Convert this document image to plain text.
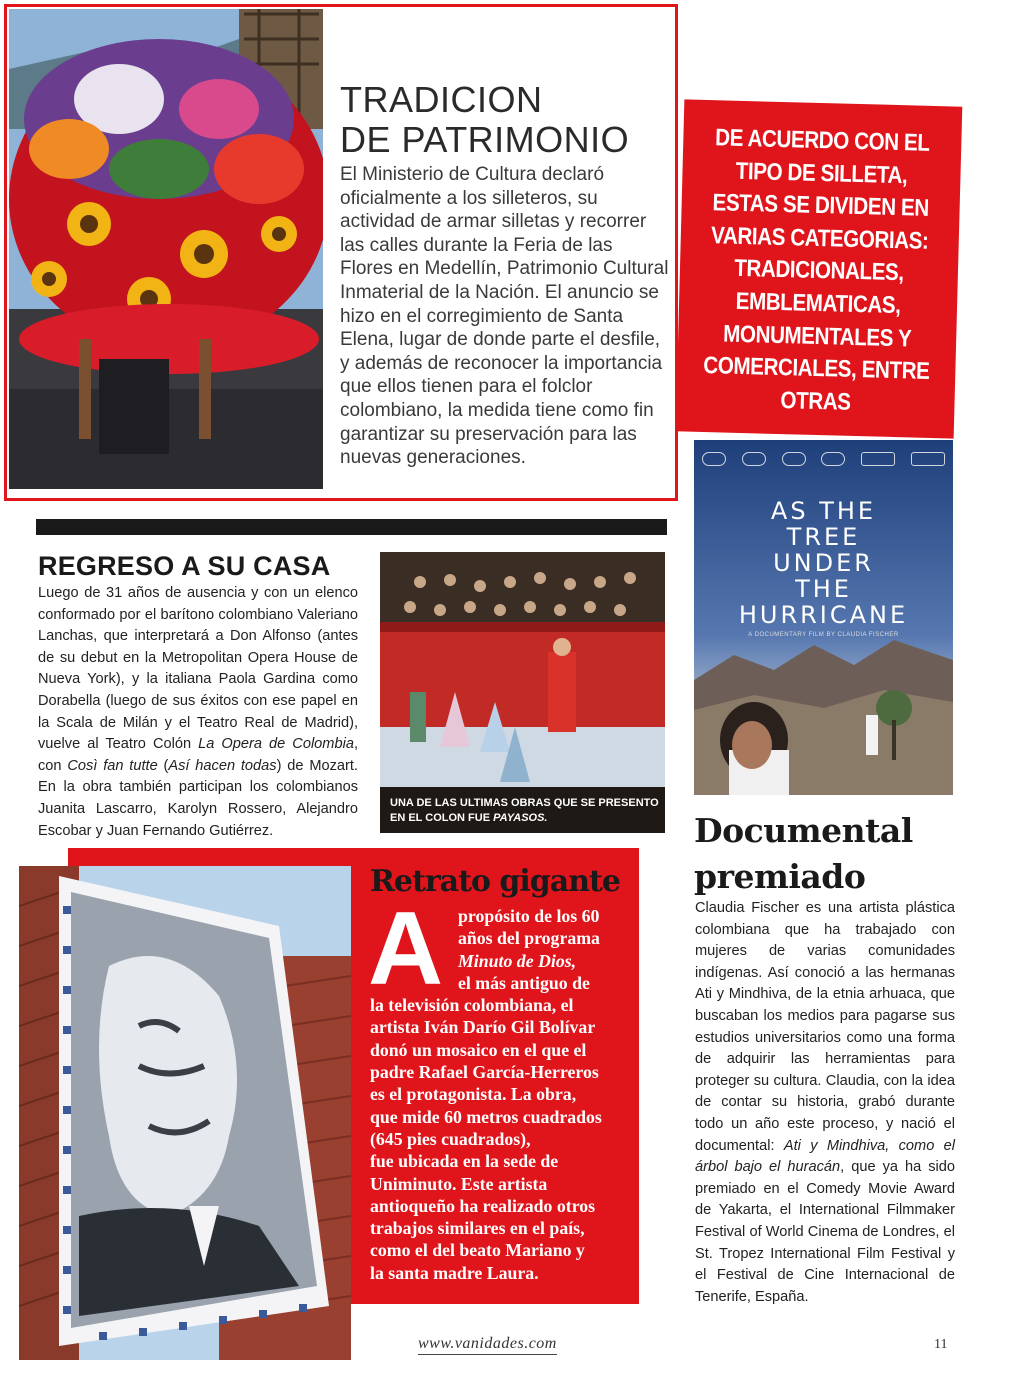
TRADICION
DE PATRIMONIO

El Ministerio de Cultura declaró oficialmente a los silleteros, su actividad de armar silletas y recorrer las calles durante la Feria de las Flores en Medellín, Patrimonio Cultural Inmaterial de la Nación. El anuncio se hizo en el corregimiento de Santa Elena, lugar de donde parte el desfile, y además de reconocer la importancia que ellos tienen para el folclor colombiano, la medida tiene como fin garantizar su preservación para las nuevas generaciones.

DE ACUERDO CON EL TIPO DE SILLETA, ESTAS SE DIVIDEN EN VARIAS CATEGORIAS: TRADICIONALES, EMBLEMATICAS, MONUMENTALES Y COMERCIALES, ENTRE OTRAS

AS THE
TREE
UNDER
THE
HURRICANE
A DOCUMENTARY FILM BY CLAUDIA FISCHER
REGRESO A SU CASA

Luego de 31 años de ausencia y con un elenco conformado por el barítono colombiano Valeriano Lanchas, que interpretará a Don Alfonso (antes de su debut en la Metropolitan Opera House de Nueva York), y la italiana Paola Gardina como Dorabella (luego de sus éxitos con ese papel en la Scala de Milán y el Teatro Real de Madrid), vuelve al Teatro Colón La Opera de Colombia, con Così fan tutte (Así hacen todas) de Mozart. En la obra también participan los colombianos Juanita Lascarro, Karolyn Rossero, Alejandro Escobar y Juan Fernando Gutiérrez.

UNA DE LAS ULTIMAS OBRAS QUE SE PRESENTO EN EL COLON FUE PAYASOS.

Retrato gigante
A propósito de los 60
años del programa
Minuto de Dios,
el más antiguo de
la televisión colombiana, el
artista Iván Darío Gil Bolívar
donó un mosaico en el que el
padre Rafael García-Herreros
es el protagonista. La obra,
que mide 60 metros cuadrados
(645 pies cuadrados),
fue ubicada en la sede de
Uniminuto. Este artista
antioqueño ha realizado otros
trabajos similares en el país,
como el del beato Mariano y
la santa madre Laura.
Documental
premiado

Claudia Fischer es una artista plástica colombiana que ha trabajado con mujeres de varias comunidades indígenas. Así conoció a las hermanas Ati y Mindhiva, de la etnia arhuaca, que buscaban los medios para pagarse sus estudios universitarios como una forma de adquirir las herramientas para proteger su cultura. Claudia, con la idea de contar su historia, grabó durante todo un año este proceso, y nació el documental: Ati y Mindhiva, como el árbol bajo el huracán, que ya ha sido premiado en el Comedy Movie Award de Yakarta, el International Filmmaker Festival of World Cinema de Londres, el St. Tropez International Film Festival y el Festival de Cine Internacional de Tenerife, España.

www.vanidades.com	11
